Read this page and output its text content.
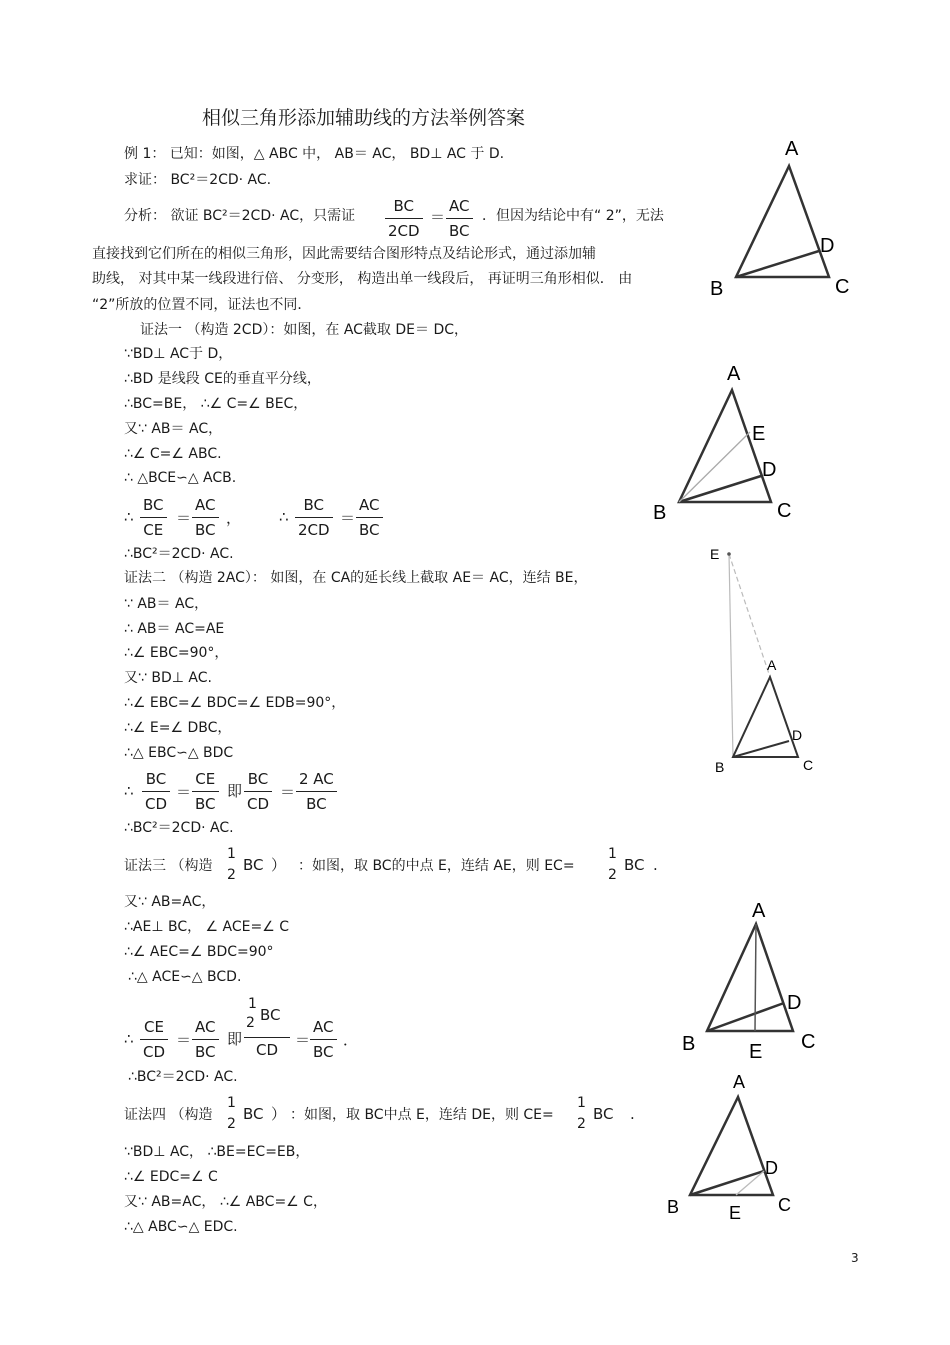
相似三角形添加辅助线的方法举例答案
例 1： 已知：如图，△ ABC 中， AB＝ AC， BD⊥ AC 于 D.
求证： BC²＝2CD· AC.
分析： 欲证 BC²＝2CD· AC，只需证
BC
2CD
＝
AC
BC
．但因为结论中有“ 2”，无法
直接找到它们所在的相似三角形，因此需要结合图形特点及结论形式，通过添加辅
助线， 对其中某一线段进行倍、 分变形， 构造出单一线段后， 再证明三角形相似． 由
“2”所放的位置不同，证法也不同．
证法一 （构造 2CD）：如图，在 AC截取 DE＝ DC，
∵BD⊥ AC于 D，
∴BD 是线段 CE的垂直平分线，
∴BC=BE， ∴∠ C=∠ BEC，
又∵ AB＝ AC，
∴∠ C=∠ ABC.
∴ △BCE∽△ ACB.
∴
BC
CE
＝
AC
BC
，	∴
BC
2CD
＝
AC
BC
∴BC²＝2CD· AC.
证法二 （构造 2AC）： 如图，在 CA的延长线上截取 AE＝ AC，连结 BE，
∵ AB＝ AC，
∴ AB＝ AC=AE
∴∠ EBC=90°，
又∵ BD⊥ AC.
∴∠ EBC=∠ BDC=∠ EDB=90°，
∴∠ E=∠ DBC，
∴△ EBC∽△ BDC
∴
BC
CD
＝
CE
BC
即
BC
CD
＝
2 AC
BC
∴BC²＝2CD· AC.
证法三 （构造
1
2
BC ） ：如图，取 BC的中点 E，连结 AE，则 EC=
1
2
BC .
又∵ AB=AC，
∴AE⊥ BC， ∠ ACE=∠ C
∴∠ AEC=∠ BDC=90°
∴△ ACE∽△ BCD.
∴
CE
CD
＝
AC
BC
即
1
2 BC
CD
＝
AC
BC
．
∴BC²＝2CD· AC.
证法四 （构造
1
2
BC ） ：如图，取 BC中点 E，连结 DE，则 CE=
1
2
BC .
∵BD⊥ AC， ∴BE=EC=EB，
∴∠ EDC=∠ C
又∵ AB=AC， ∴∠ ABC=∠ C，
∴△ ABC∽△ EDC.
3
A
B	C
D
A
B	C
D
E
E
A
B	C
D
A
B	C
D
E
A
B	C
D
E
